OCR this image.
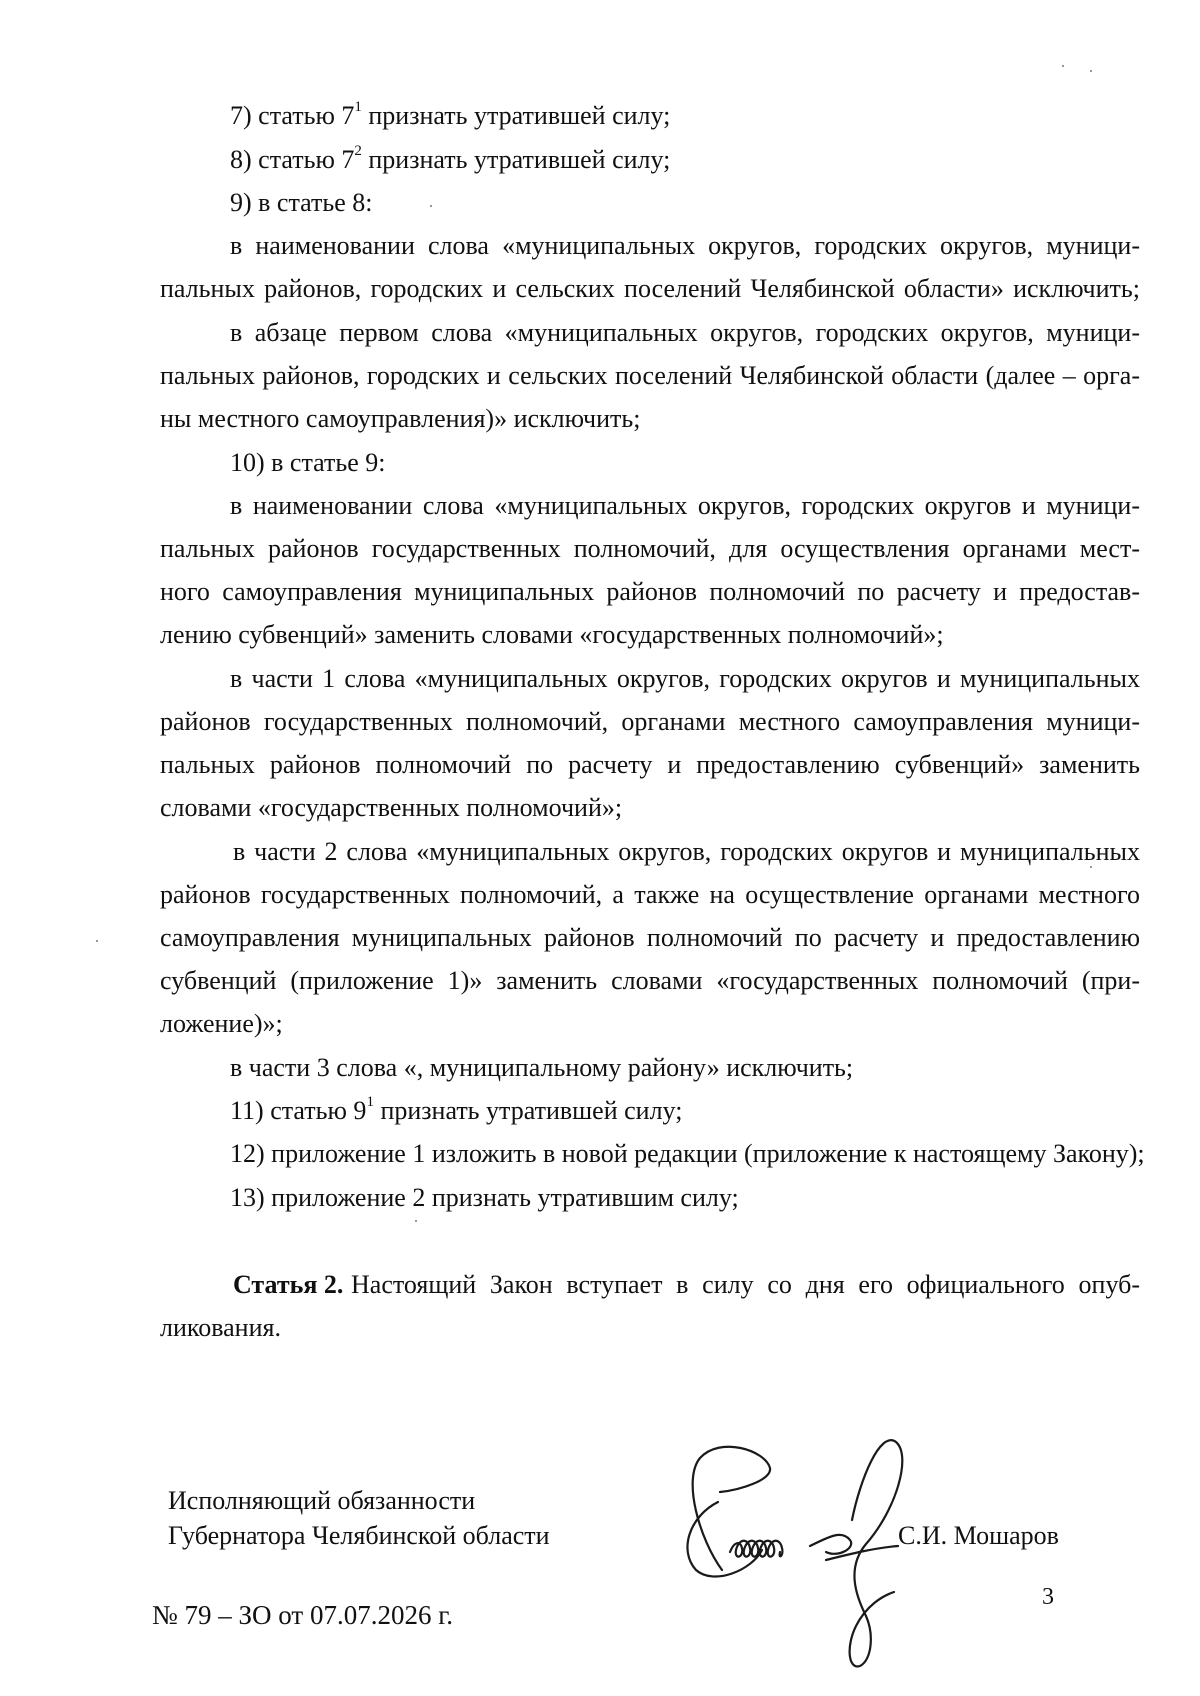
7) статью $7^1$ признать утратившей силу;
8) статью $7^2$ признать утратившей силу;
9) в статье 8:
в наименовании слова «муниципальных округов, городских округов, муници-
пальных районов, городских и сельских поселений Челябинской области» исключить;
в абзаце первом слова «муниципальных округов, городских округов, муници-
пальных районов, городских и сельских поселений Челябинской области (далее – орга-
ны местного самоуправления)» исключить;
10) в статье 9:
в наименовании слова «муниципальных округов, городских округов и муници-
пальных районов государственных полномочий, для осуществления органами мест-
ного самоуправления муниципальных районов полномочий по расчету и предостав-
лению субвенций» заменить словами «государственных полномочий»;
в части 1 слова «муниципальных округов, городских округов и муниципальных
районов государственных полномочий, органами местного самоуправления муници-
пальных районов полномочий по расчету и предоставлению субвенций» заменить
словами «государственных полномочий»;
в части 2 слова «муниципальных округов, городских округов и муниципальных
районов государственных полномочий, а также на осуществление органами местного
самоуправления муниципальных районов полномочий по расчету и предоставлению
субвенций (приложение 1)» заменить словами «государственных полномочий (при-
ложение)»;
в части 3 слова «, муниципальному району» исключить;
11) статью $9^1$ признать утратившей силу;
12) приложение 1 изложить в новой редакции (приложение к настоящему Закону);
13) приложение 2 признать утратившим силу;
Статья 2. Настоящий Закон вступает в силу со дня его официального опуб-
ликования.
Исполняющий обязанности
Губернатора Челябинской области	С.И. Мошаров
№ 79 – ЗО от 07.07.2026 г.
3
